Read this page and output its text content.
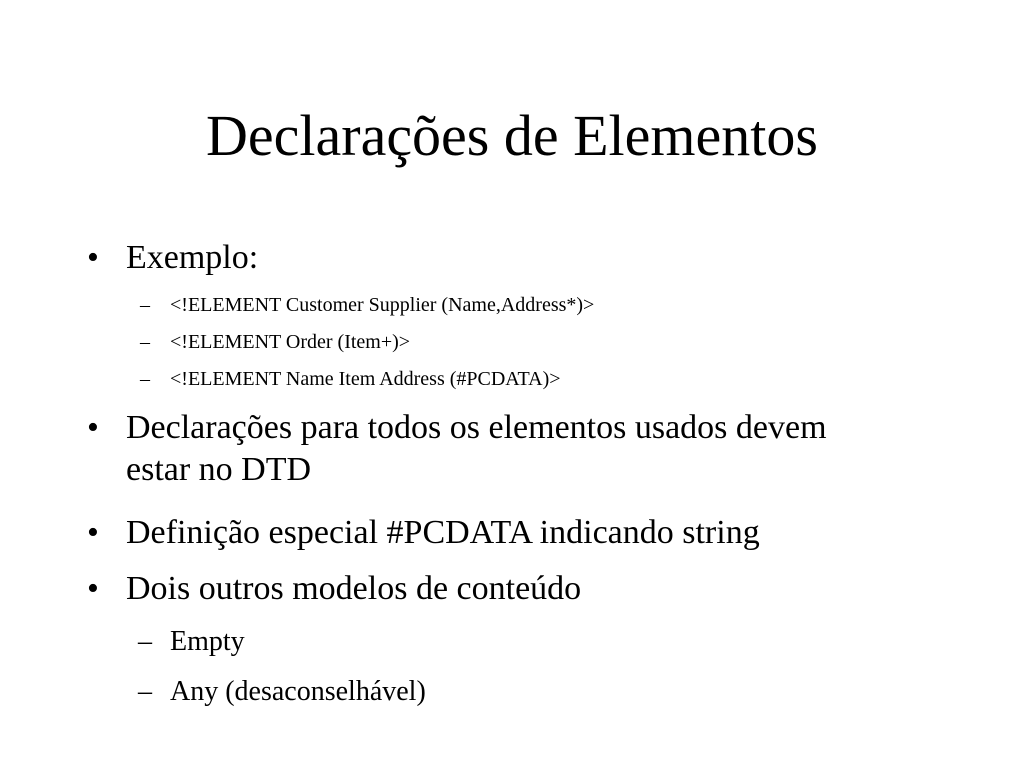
Declarações de Elementos
• Exemplo:
– <!ELEMENT Customer Supplier (Name,Address*)>
– <!ELEMENT Order (Item+)>
– <!ELEMENT Name Item Address (#PCDATA)>
• Declarações para todos os elementos usados devem estar no DTD
• Definição especial #PCDATA indicando string
• Dois outros modelos de conteúdo
– Empty
– Any (desaconselhável)
